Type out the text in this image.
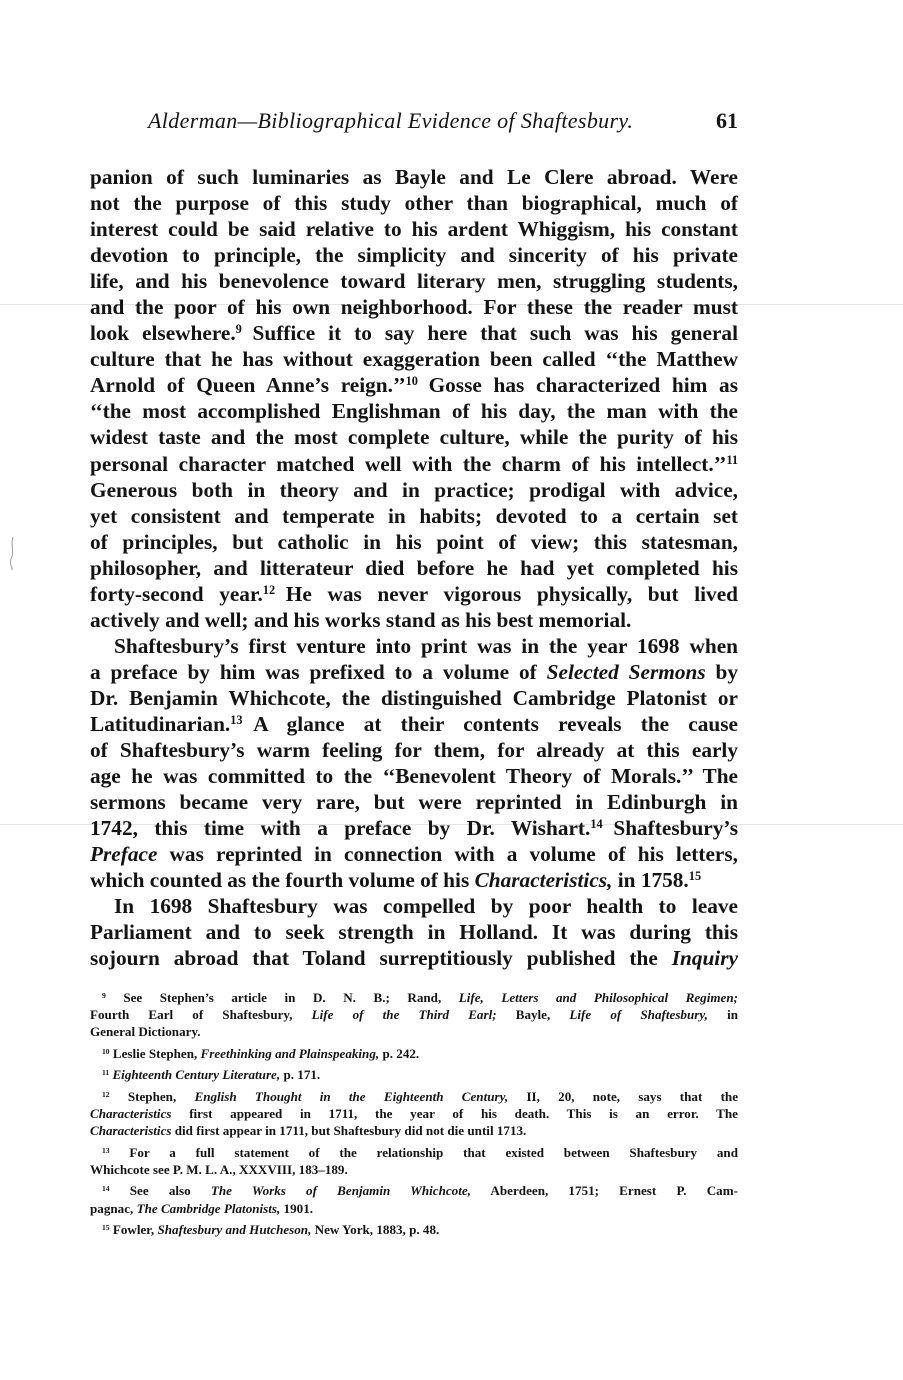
Alderman—Bibliographical Evidence of Shaftesbury.	61
panion of such luminaries as Bayle and Le Clere abroad. Were
not the purpose of this study other than biographical, much of
interest could be said relative to his ardent Whiggism, his constant
devotion to principle, the simplicity and sincerity of his private
life, and his benevolence toward literary men, struggling students,
and the poor of his own neighborhood. For these the reader must
look elsewhere.$^9$  Suffice it to say here that such was his general
culture that he has without exaggeration been called ‘‘the Matthew
Arnold of Queen Anne’s reign.’’$^{10}$  Gosse has characterized him as
‘‘the most accomplished Englishman of his day, the man with the
widest taste and the most complete culture, while the purity of his
personal character matched well with the charm of his intellect.’’$^{11}$
Generous both in theory and in practice; prodigal with advice,
yet consistent and temperate in habits; devoted to a certain set
of principles, but catholic in his point of view; this statesman,
philosopher, and litterateur died before he had yet completed his
forty-second year.$^{12}$  He was never vigorous physically, but lived
actively and well; and his works stand as his best memorial.
Shaftesbury’s first venture into print was in the year 1698 when
a preface by him was prefixed to a volume of Selected Sermons by
Dr. Benjamin Whichcote, the distinguished Cambridge Platonist or
Latitudinarian.$^{13}$  A glance at their contents reveals the cause
of Shaftesbury’s warm feeling for them, for already at this early
age he was committed to the ‘‘Benevolent Theory of Morals.’’ The
sermons became very rare, but were reprinted in Edinburgh in
1742, this time with a preface by Dr. Wishart.$^{14}$  Shaftesbury’s
Preface was reprinted in connection with a volume of his letters,
which counted as the fourth volume of his Characteristics, in 1758.15
In 1698 Shaftesbury was compelled by poor health to leave
Parliament and to seek strength in Holland. It was during this
sojourn abroad that Toland surreptitiously published the Inquiry
$^9$ See Stephen’s article in D. N. B.; Rand, Life, Letters and Philosophical Regimen;
Fourth Earl of Shaftesbury, Life of the Third Earl; Bayle, Life of Shaftesbury, in
General Dictionary.
$^{10}$ Leslie Stephen, Freethinking and Plainspeaking, p. 242.
$^{11}$ Eighteenth Century Literature, p. 171.
$^{12}$ Stephen, English Thought in the Eighteenth Century, II, 20, note, says that the
Characteristics first appeared in 1711, the year of his death. This is an error. The
Characteristics did first appear in 1711, but Shaftesbury did not die until 1713.
$^{13}$ For a full statement of the relationship that existed between Shaftesbury and
Whichcote see P. M. L. A., XXXVIII, 183–189.
$^{14}$ See also The Works of Benjamin Whichcote, Aberdeen, 1751; Ernest P. Cam-
pagnac, The Cambridge Platonists, 1901.
$^{15}$ Fowler, Shaftesbury and Hutcheson, New York, 1883, p. 48.
